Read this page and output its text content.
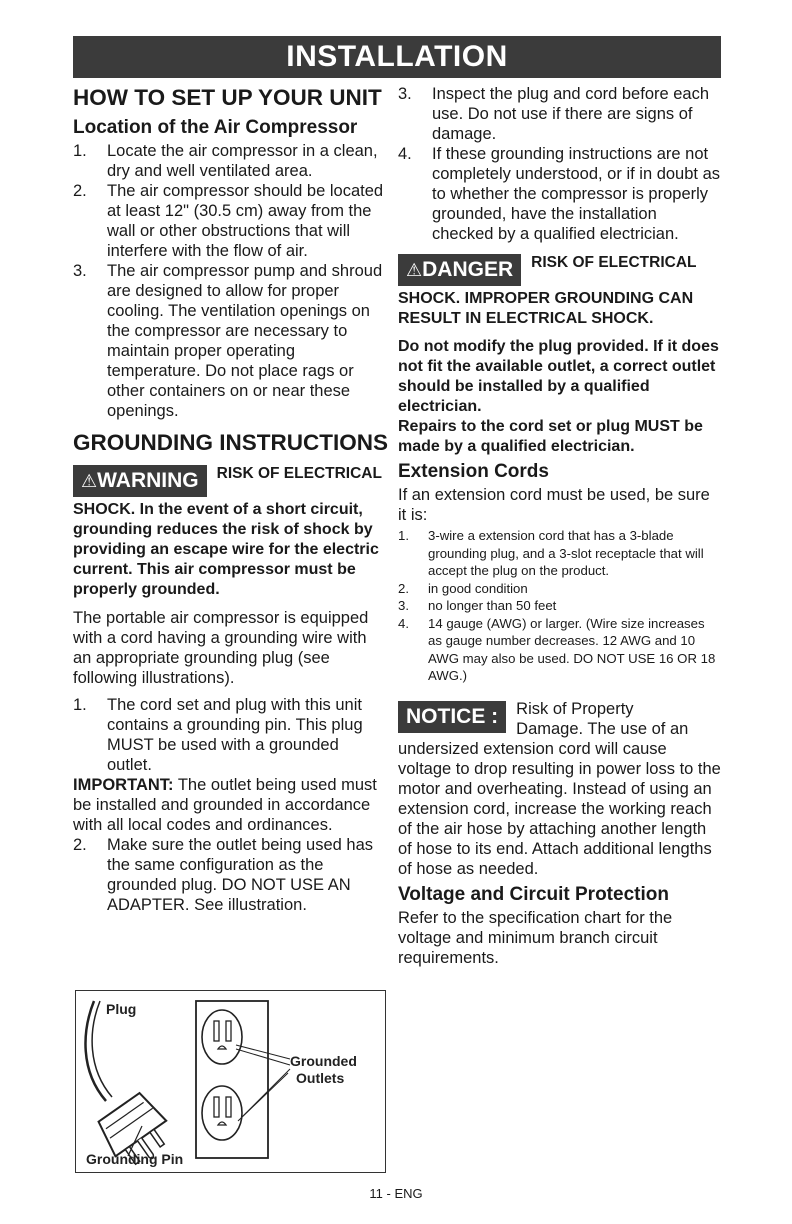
INSTALLATION
HOW TO SET UP YOUR UNIT
Location of the Air Compressor
1. Locate the air compressor in a clean, dry and well ventilated area.
2. The air compressor should be located at least 12" (30.5 cm) away from the wall or other obstructions that will interfere with the flow of air.
3. The air compressor pump and shroud are designed to allow for proper cooling. The ventilation openings on the compressor are necessary to maintain proper operating temperature. Do not place rags or other containers on or near these openings.
GROUNDING INSTRUCTIONS
⚠WARNING	RISK OF ELECTRICAL

SHOCK. In the event of a short circuit, grounding reduces the risk of shock by providing an escape wire for the electric current. This air compressor must be properly grounded.

The portable air compressor is equipped with a cord having a grounding wire with an appropriate grounding plug (see following illustrations).

1. The cord set and plug with this unit contains a grounding pin. This plug MUST be used with a grounded outlet.

IMPORTANT: The outlet being used must be installed and grounded in accordance with all local codes and ordinances.

2. Make sure the outlet being used has the same configuration as the grounded plug. DO NOT USE AN ADAPTER. See illustration.
Plug
Grounded
Outlets
Grounding Pin
3. Inspect the plug and cord before each use. Do not use if there are signs of damage.
4. If these grounding instructions are not completely understood, or if in doubt as to whether the compressor is properly grounded, have the installation checked by a qualified electrician.
⚠DANGER	RISK OF ELECTRICAL

SHOCK. IMPROPER GROUNDING CAN RESULT IN ELECTRICAL SHOCK.

Do not modify the plug provided. If it does not fit the available outlet, a correct outlet should be installed by a qualified electrician.

Repairs to the cord set or plug MUST be made by a qualified electrician.

Extension Cords

If an extension cord must be used, be sure it is:

1. 3-wire a extension cord that has a 3-blade grounding plug, and a 3-slot receptacle that will accept the plug on the product.
2. in good condition
3. no longer than 50 feet
4. 14 gauge (AWG) or larger. (Wire size increases as gauge number decreases. 12 AWG and 10 AWG may also be used. DO NOT USE 16 OR 18 AWG.)
NOTICE :	Risk of Property

Damage. The use of an undersized extension cord will cause voltage to drop resulting in power loss to the motor and overheating. Instead of using an extension cord, increase the working reach of the air hose by attaching another length of hose to its end. Attach additional lengths of hose as needed.

Voltage and Circuit Protection

Refer to the specification chart for the voltage and minimum branch circuit requirements.

11 - ENG
